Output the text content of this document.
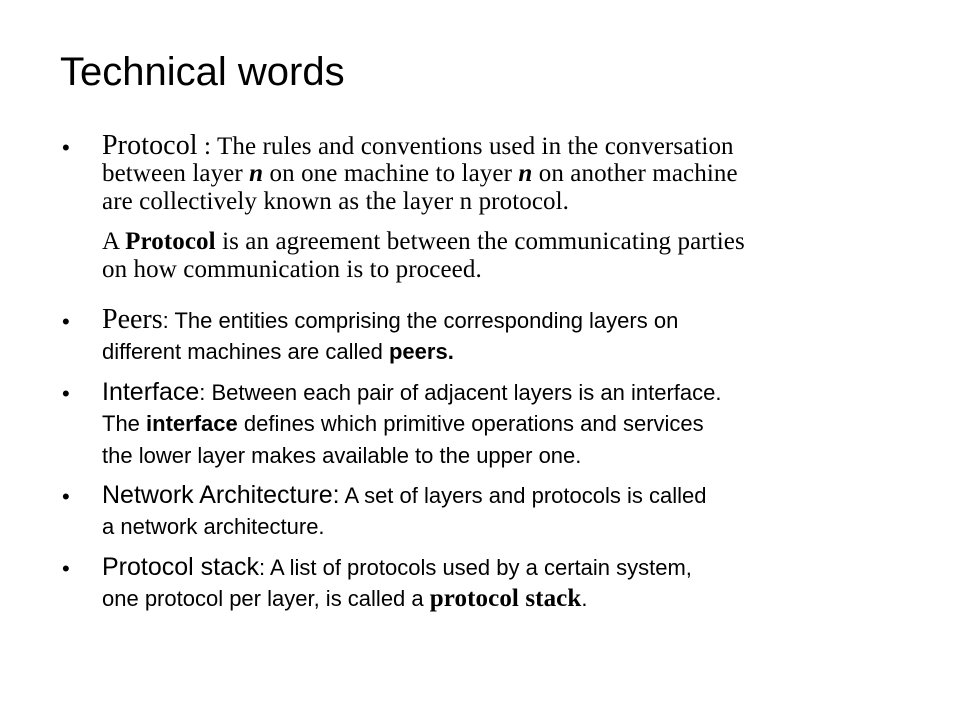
Technical words
• Protocol : The rules and conventions used in the conversation
between layer n on one machine to layer n on another machine
are collectively known as the layer n protocol.
A Protocol is an agreement between the communicating parties
on how communication is to proceed.
• Peers: The entities comprising the corresponding layers on
different machines are called peers.
• Interface: Between each pair of adjacent layers is an interface.
The interface defines which primitive operations and services
the lower layer makes available to the upper one.
• Network Architecture: A set of layers and protocols is called
a network architecture.
• Protocol stack: A list of protocols used by a certain system,
one protocol per layer, is called a protocol stack.
